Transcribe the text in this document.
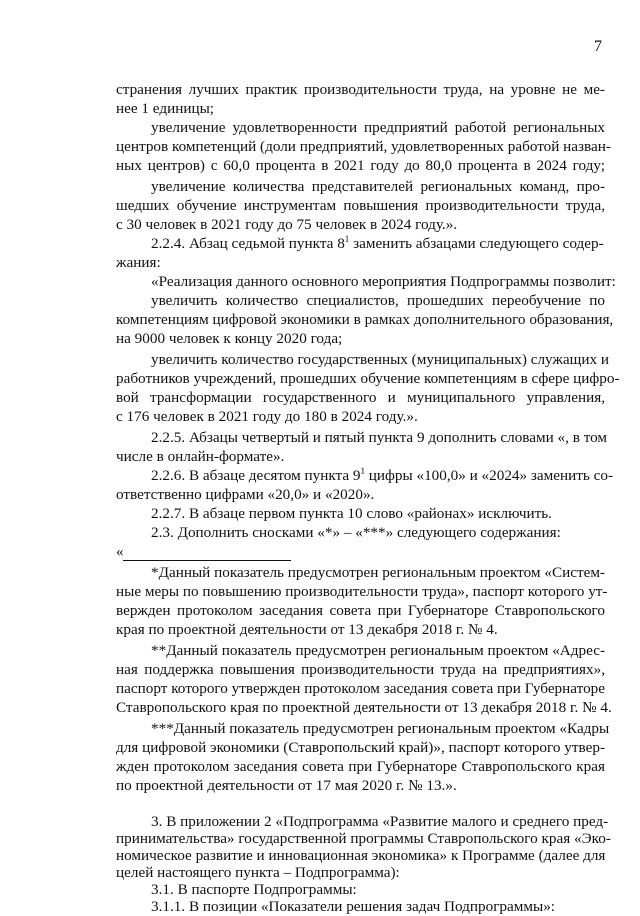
7
странения лучших практик производительности труда, на уровне не ме-
нее 1 единицы;
увеличение удовлетворенности предприятий работой региональных
центров компетенций (доли предприятий, удовлетворенных работой назван-
ных центров) с 60,0 процента в 2021 году до 80,0 процента в 2024 году;
увеличение количества представителей региональных команд, про-
шедших обучение инструментам повышения производительности труда,
с 30 человек в 2021 году до 75 человек в 2024 году.».
2.2.4. Абзац седьмой пункта $8^1$ заменить абзацами следующего содер-
жания:
«Реализация данного основного мероприятия Подпрограммы позволит:
увеличить количество специалистов, прошедших переобучение по
компетенциям цифровой экономики в рамках дополнительного образования,
на 9000 человек к концу 2020 года;
увеличить количество государственных (муниципальных) служащих и
работников учреждений, прошедших обучение компетенциям в сфере цифро-
вой трансформации государственного и муниципального управления,
с 176 человек в 2021 году до 180 в 2024 году.».
2.2.5. Абзацы четвертый и пятый пункта 9 дополнить словами «, в том
числе в онлайн-формате».
2.2.6. В абзаце десятом пункта $9^1$ цифры «100,0» и «2024» заменить со-
ответственно цифрами «20,0» и «2020».
2.2.7. В абзаце первом пункта 10 слово «районах» исключить.
2.3. Дополнить сносками «*» – «***» следующего содержания:
«
*Данный показатель предусмотрен региональным проектом «Систем-
ные меры по повышению производительности труда», паспорт которого ут-
вержден протоколом заседания совета при Губернаторе Ставропольского
края по проектной деятельности от 13 декабря 2018 г. № 4.
**Данный показатель предусмотрен региональным проектом «Адрес-
ная поддержка повышения производительности труда на предприятиях»,
паспорт которого утвержден протоколом заседания совета при Губернаторе
Ставропольского края по проектной деятельности от 13 декабря 2018 г. № 4.
***Данный показатель предусмотрен региональным проектом «Кадры
для цифровой экономики (Ставропольский край)», паспорт которого утвер-
жден протоколом заседания совета при Губернаторе Ставропольского края
по проектной деятельности от 17 мая 2020 г. № 13.».
3. В приложении 2 «Подпрограмма «Развитие малого и среднего пред-
принимательства» государственной программы Ставропольского края «Эко-
номическое развитие и инновационная экономика» к Программе (далее для
целей настоящего пункта – Подпрограмма):
3.1. В паспорте Подпрограммы:
3.1.1. В позиции «Показатели решения задач Подпрограммы»:
